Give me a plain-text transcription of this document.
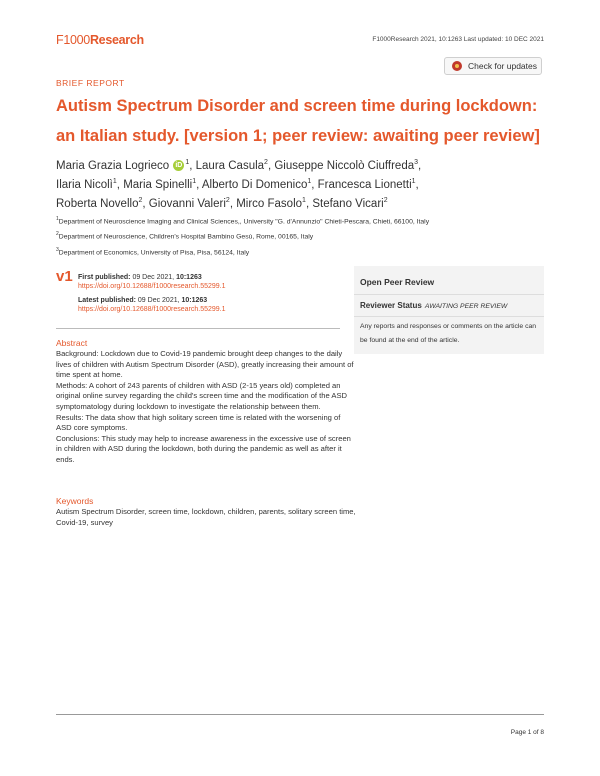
F1000Research	F1000Research 2021, 10:1263 Last updated: 10 DEC 2021
BRIEF REPORT
Check for updates
Autism Spectrum Disorder and screen time during lockdown:
an Italian study. [version 1; peer review: awaiting peer review]
Maria Grazia Logrieco iD $^1$, Laura Casula$^2$, Giuseppe Niccolò Ciuffreda$^3$,
Ilaria Nicolì$^1$, Maria Spinelli$^1$, Alberto Di Domenico$^1$, Francesca Lionetti$^1$,
Roberta Novello$^2$, Giovanni Valeri$^2$, Mirco Fasolo$^1$, Stefano Vicari$^2$
$^1$Department of Neuroscience Imaging and Clinical Sciences,, University "G. d'Annunzio" Chieti-Pescara, Chieti, 66100, Italy
$^2$Department of Neuroscience, Children's Hospital Bambino Gesù, Rome, 00165, Italy
$^3$Department of Economics, University of Pisa, Pisa, 56124, Italy
v1 First published: 09 Dec 2021, 10:1263
https://doi.org/10.12688/f1000research.55299.1
Latest published: 09 Dec 2021, 10:1263
https://doi.org/10.12688/f1000research.55299.1
Open Peer Review
Reviewer Status AWAITING PEER REVIEW
Any reports and responses or comments on the article can be found at the end of the article.
Abstract
Background: Lockdown due to Covid-19 pandemic brought deep changes to the daily lives of children with Autism Spectrum Disorder (ASD), greatly increasing their amount of time spent at home.
Methods: A cohort of 243 parents of children with ASD (2-15 years old) completed an original online survey regarding the child's screen time and the modification of the ASD symptomatology during lockdown to investigate the relationship between them.
Results: The data show that high solitary screen time is related with the worsening of ASD core symptoms.
Conclusions: This study may help to increase awareness in the excessive use of screen in children with ASD during the lockdown, both during the pandemic as well as after it ends.
Keywords
Autism Spectrum Disorder, screen time, lockdown, children, parents, solitary screen time, Covid-19, survey
Page 1 of 8
